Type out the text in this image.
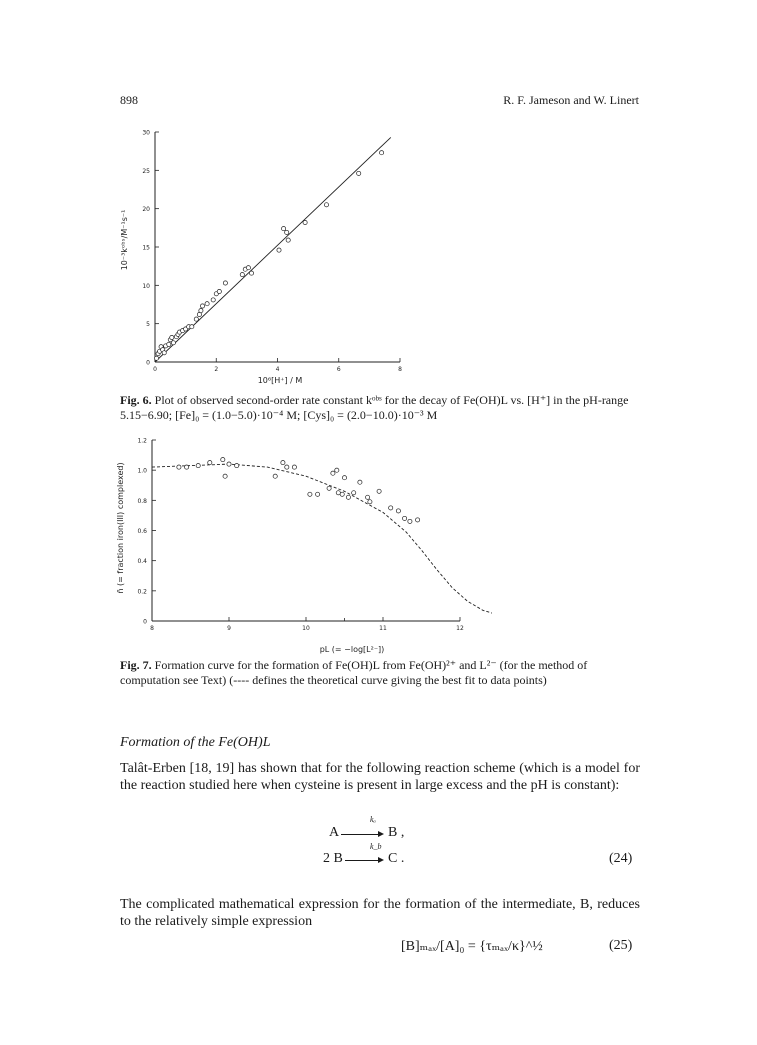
898	R. F. Jameson and W. Linert
0
5
10
15
20
25
30
0	2	4	6	8
10⁻³kᵒᵇˢ/M⁻¹s⁻¹
10⁶[H⁺] / M
Fig. 6. Plot of observed second-order rate constant kᵒᵇˢ for the decay of Fe(OH)L vs. [H⁺] in the pH-range 5.15−6.90; [Fe]₀ = (1.0−5.0)·10⁻⁴ M; [Cys]₀ = (2.0−10.0)·10⁻³ M
0
0.2
0.4
0.6
0.8
1.0
1.2
8	9	10	11	12
n̄ (= fraction iron(III) complexed)
pL (= −log[L²⁻])
Fig. 7. Formation curve for the formation of Fe(OH)L from Fe(OH)²⁺ and L²⁻ (for the method of computation see Text) (---- defines the theoretical curve giving the best fit to data points)
Formation of the Fe(OH)L
Talât-Erben [18, 19] has shown that for the following reaction scheme (which is a model for the reaction studied here when cysteine is present in large excess and the pH is constant):
A
kₐ
B ,
2 B
k_b
C .	(24)
The complicated mathematical expression for the formation of the intermediate, B, reduces to the relatively simple expression
[B]ₘₐₓ/[A]₀ = {τₘₐₓ/κ}^½	(25)
